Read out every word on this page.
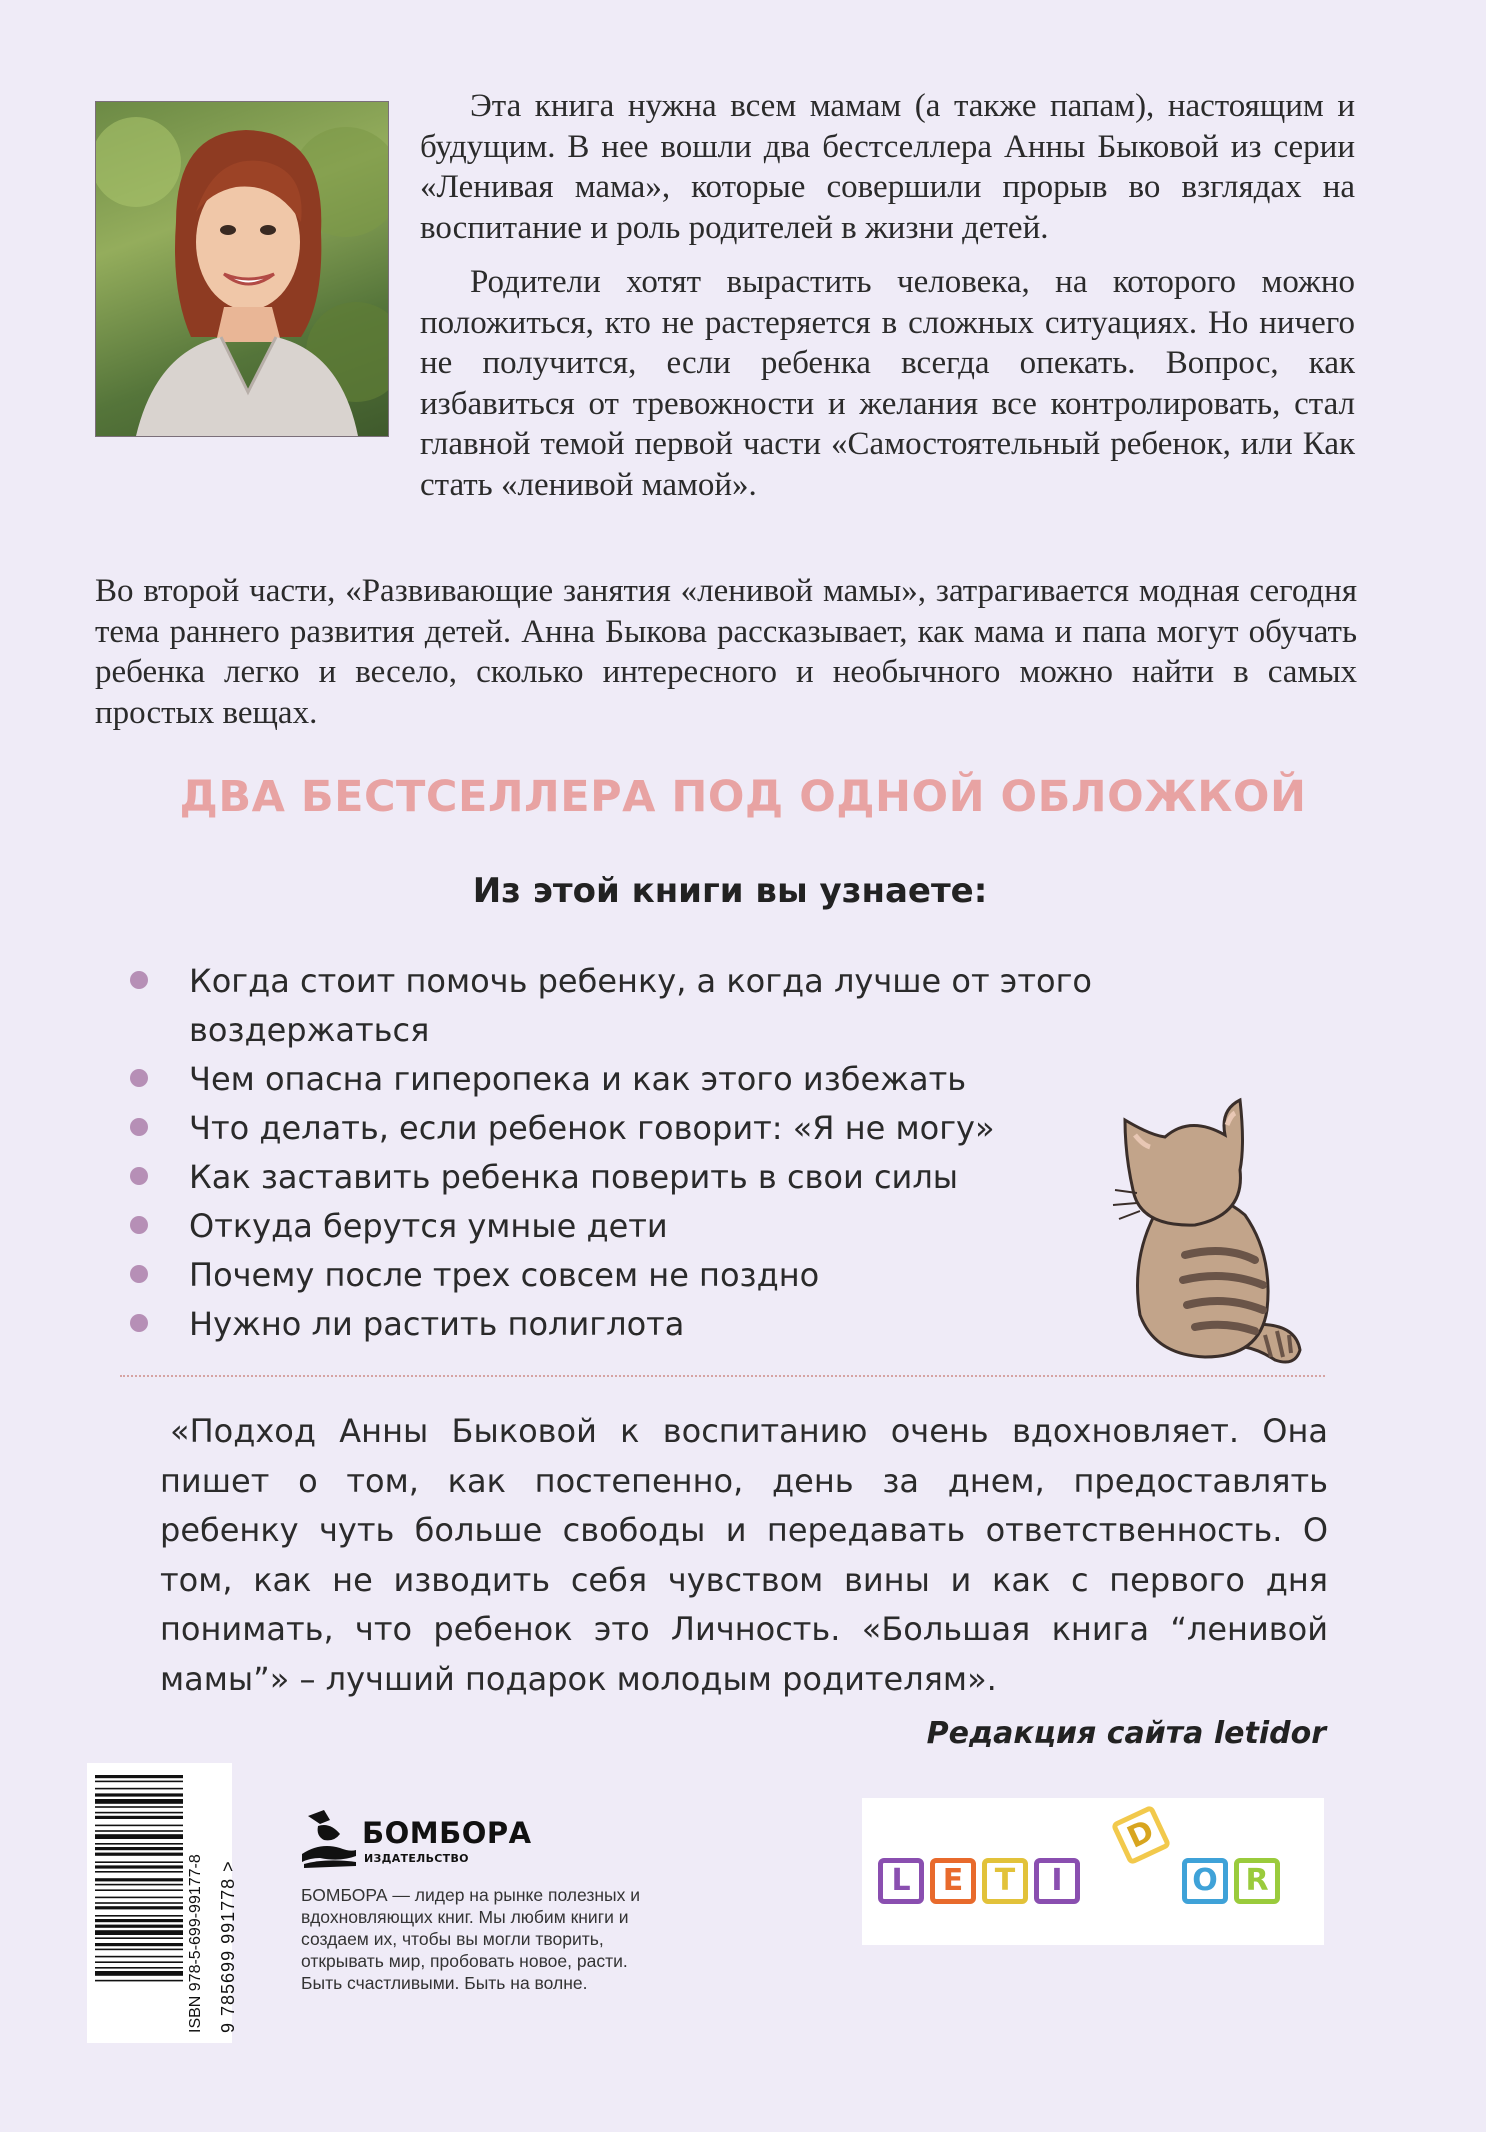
Эта книга нужна всем мамам (а также папам), настоящим и будущим. В нее вошли два бестселлера Анны Быковой из серии «Ленивая мама», которые совершили прорыв во взглядах на воспитание и роль родителей в жизни детей.

Родители хотят вырастить человека, на которого можно положиться, кто не растеряется в сложных ситуациях. Но ничего не получится, если ребенка всегда опекать. Вопрос, как избавиться от тревожности и желания все контролировать, стал главной темой первой части «Самостоятельный ребенок, или Как стать «ленивой мамой».

Во второй части, «Развивающие занятия «ленивой мамы», затрагивается модная сегодня тема раннего развития детей. Анна Быкова рассказывает, как мама и папа могут обучать ребенка легко и весело, сколько интересного и необычного можно найти в самых простых вещах.

ДВА БЕСТСЕЛЛЕРА ПОД ОДНОЙ ОБЛОЖКОЙ
Из этой книги вы узнаете:
Когда стоит помочь ребенку, а когда лучше от этого воздержаться
Чем опасна гиперопека и как этого избежать
Что делать, если ребенок говорит: «Я не могу»
Как заставить ребенка поверить в свои силы
Откуда берутся умные дети
Почему после трех совсем не поздно
Нужно ли растить полиглота

«Подход Анны Быковой к воспитанию очень вдохновляет. Она пишет о том, как постепенно, день за днем, предоставлять ребенку чуть больше свободы и передавать ответственность. О том, как не изводить себя чувством вины и как с первого дня понимать, что ребенок это Личность. «Большая книга “ленивой мамы”» – лучший подарок молодым родителям».

Редакция сайта letidor
ISBN 978-5-699-99177-8 9 785699 991778 >
БОМБОРА
ИЗДАТЕЛЬСТВО

БОМБОРА — лидер на рынке полезных и вдохновляющих книг. Мы любим книги и создаем их, чтобы вы могли творить, открывать мир, пробовать новое, расти. Быть счастливыми. Быть на волне.

L E T	I
D
O R
